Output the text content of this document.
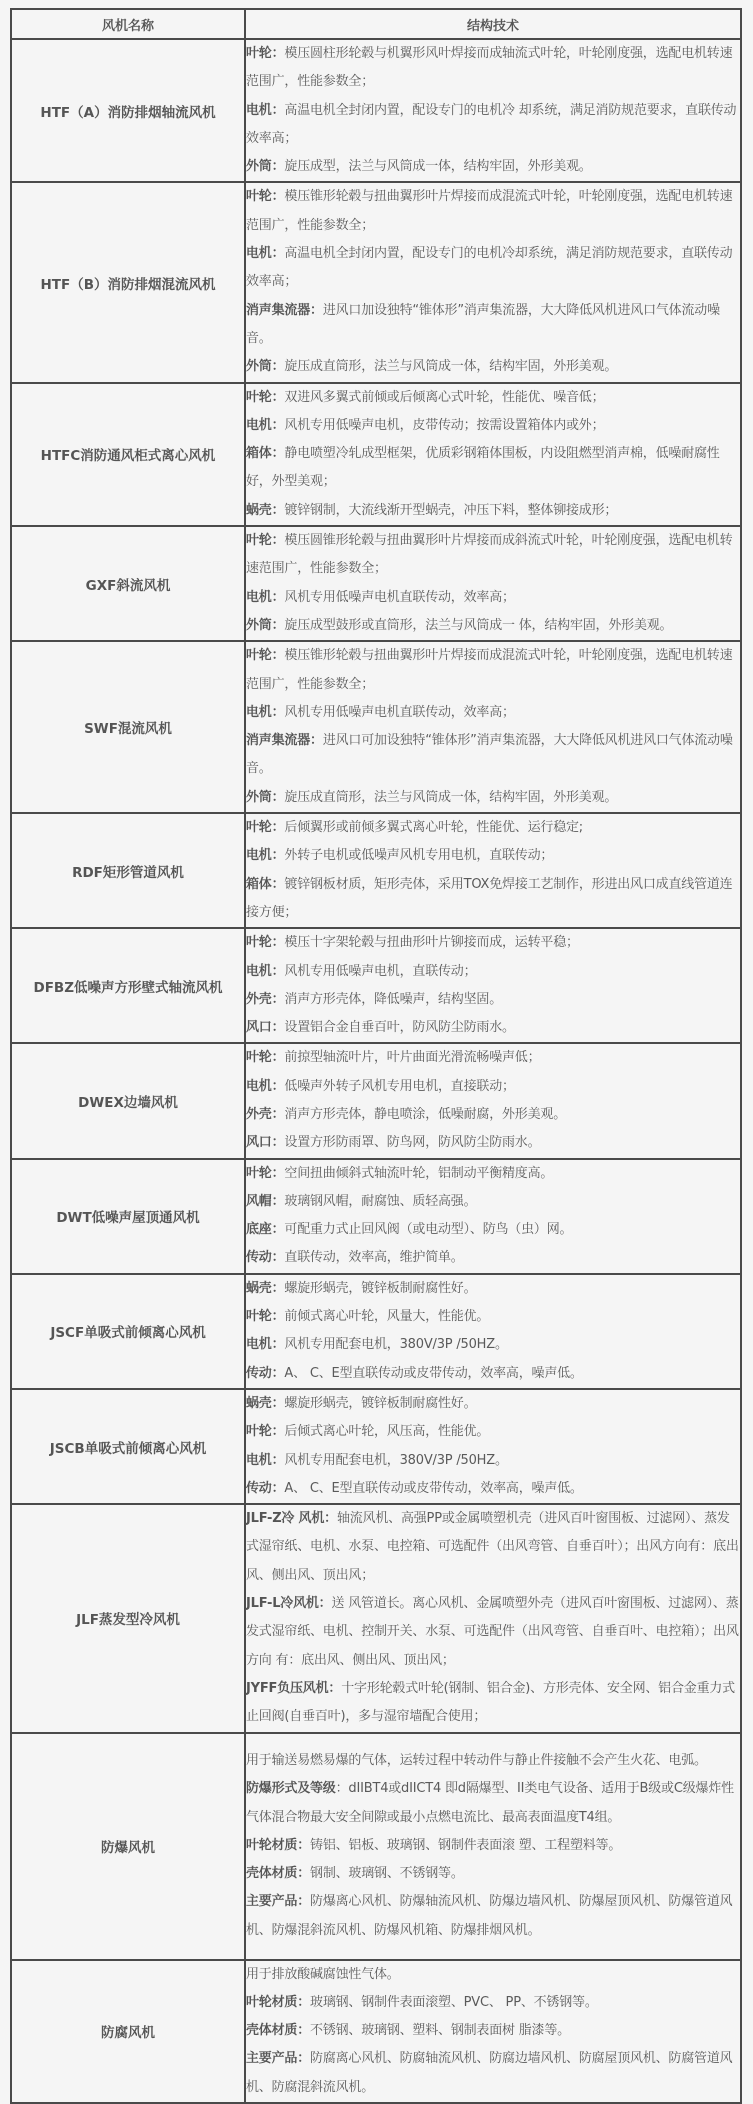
风机名称	结构技术
HTF（A）消防排烟轴流风机	叶轮：模压圆柱形轮毂与机翼形风叶焊接而成轴流式叶轮，叶轮刚度强，选配电机转速范围广，性能参数全；
电机：高温电机全封闭内置，配设专门的电机冷 却系统，满足消防规范要求，直联传动效率高；
外筒：旋压成型，法兰与风筒成一体，结构牢固，外形美观。

HTF（B）消防排烟混流风机	叶轮：模压锥形轮毂与扭曲翼形叶片焊接而成混流式叶轮，叶轮刚度强，选配电机转速范围广，性能参数全；
电机：高温电机全封闭内置，配设专门的电机冷却系统，满足消防规范要求，直联传动效率高；
消声集流器：进风口加设独特“锥体形”消声集流器，大大降低风机进风口气体流动噪音。
外筒：旋压成直筒形，法兰与风筒成一体，结构牢固，外形美观。

HTFC消防通风柜式离心风机	叶轮：双进风多翼式前倾或后倾离心式叶轮，性能优、噪音低；
电机：风机专用低噪声电机，皮带传动；按需设置箱体内或外；
箱体：静电喷塑冷轧成型框架，优质彩钢箱体围板，内设阻燃型消声棉，低噪耐腐性好，外型美观；
蜗壳：镀锌钢制，大流线渐开型蜗壳，冲压下料，整体铆接成形；

GXF斜流风机	叶轮：模压圆锥形轮毂与扭曲翼形叶片焊接而成斜流式叶轮，叶轮刚度强，选配电机转速范围广，性能参数全；
电机：风机专用低噪声电机直联传动，效率高；
外筒：旋压成型鼓形或直筒形，法兰与风筒成一 体，结构牢固，外形美观。

SWF混流风机	叶轮：模压锥形轮毂与扭曲翼形叶片焊接而成混流式叶轮，叶轮刚度强，选配电机转速范围广，性能参数全；
电机：风机专用低噪声电机直联传动，效率高；
消声集流器：进风口可加设独特“锥体形”消声集流器，大大降低风机进风口气体流动噪音。
外筒：旋压成直筒形，法兰与风筒成一体，结构牢固，外形美观。

RDF矩形管道风机	叶轮：后倾翼形或前倾多翼式离心叶轮，性能优、运行稳定;
电机：外转子电机或低噪声风机专用电机，直联传动；
箱体：镀锌钢板材质，矩形壳体，采用TOX免焊接工艺制作，形进出风口成直线管道连接方便；

DFBZ低噪声方形壁式轴流风机	叶轮：模压十字架轮毂与扭曲形叶片铆接而成，运转平稳；
电机：风机专用低噪声电机，直联传动；
外壳：消声方形壳体，降低噪声，结构坚固。
风口：设置铝合金自垂百叶，防风防尘防雨水。

DWEX边墙风机	叶轮：前掠型轴流叶片，叶片曲面光滑流畅噪声低；
电机：低噪声外转子风机专用电机，直接联动；
外壳：消声方形壳体，静电喷涂，低噪耐腐，外形美观。
风口：设置方形防雨罩、防鸟网，防风防尘防雨水。

DWT低噪声屋顶通风机	叶轮：空间扭曲倾斜式轴流叶轮，铝制动平衡精度高。
风帽：玻璃钢风帽，耐腐蚀、质轻高强。
底座：可配重力式止回风阀（或电动型）、防鸟（虫）网。
传动：直联传动，效率高，维护简单。

JSCF单吸式前倾离心风机	蜗壳：螺旋形蜗壳，镀锌板制耐腐性好。
叶轮：前倾式离心叶轮，风量大，性能优。
电机：风机专用配套电机，380V/3P /50HZ。
传动：A、 C、E型直联传动或皮带传动，效率高，噪声低。

JSCB单吸式前倾离心风机	蜗壳：螺旋形蜗壳，镀锌板制耐腐性好。
叶轮：后倾式离心叶轮，风压高，性能优。
电机：风机专用配套电机，380V/3P /50HZ。
传动：A、 C、E型直联传动或皮带传动，效率高，噪声低。

JLF蒸发型冷风机	JLF-Z冷 风机：轴流风机、高强PP或金属喷塑机壳（进风百叶窗围板、过滤网）、蒸发式湿帘纸、电机、水泵、电控箱、可选配件（出风弯管、自垂百叶）；出风方向有：底出风、侧出风、顶出风；
JLF-L冷风机：送 风管道长。离心风机、金属喷塑外壳（进风百叶窗围板、过滤网）、蒸发式湿帘纸、电机、控制开关、水泵、可选配件（出风弯管、自垂百叶、电控箱）；出风方向 有：底出风、侧出风、顶出风；
JYFF负压风机：十字形轮毂式叶轮(钢制、铝合金)、方形壳体、安全网、铝合金重力式止回阀(自垂百叶)，多与湿帘墙配合使用；

防爆风机	用于输送易燃易爆的气体，运转过程中转动件与静止件接触不会产生火花、电弧。
防爆形式及等级：dIIBT4或dIICT4 即d隔爆型、II类电气设备、适用于B级或C级爆炸性气体混合物最大安全间隙或最小点燃电流比、最高表面温度T4组。
叶轮材质：铸铝、铝板、玻璃钢、钢制件表面滚 塑、工程塑料等。
壳体材质：钢制、玻璃钢、不锈钢等。
主要产品：防爆离心风机、防爆轴流风机、防爆边墙风机、防爆屋顶风机、防爆管道风机、防爆混斜流风机、防爆风机箱、防爆排烟风机。

防腐风机	用于排放酸碱腐蚀性气体。
叶轮材质：玻璃钢、钢制件表面滚塑、PVC、 PP、不锈钢等。
壳体材质：不锈钢、玻璃钢、塑料、钢制表面树 脂漆等。
主要产品：防腐离心风机、防腐轴流风机、防腐边墙风机、防腐屋顶风机、防腐管道风机、防腐混斜流风机。
